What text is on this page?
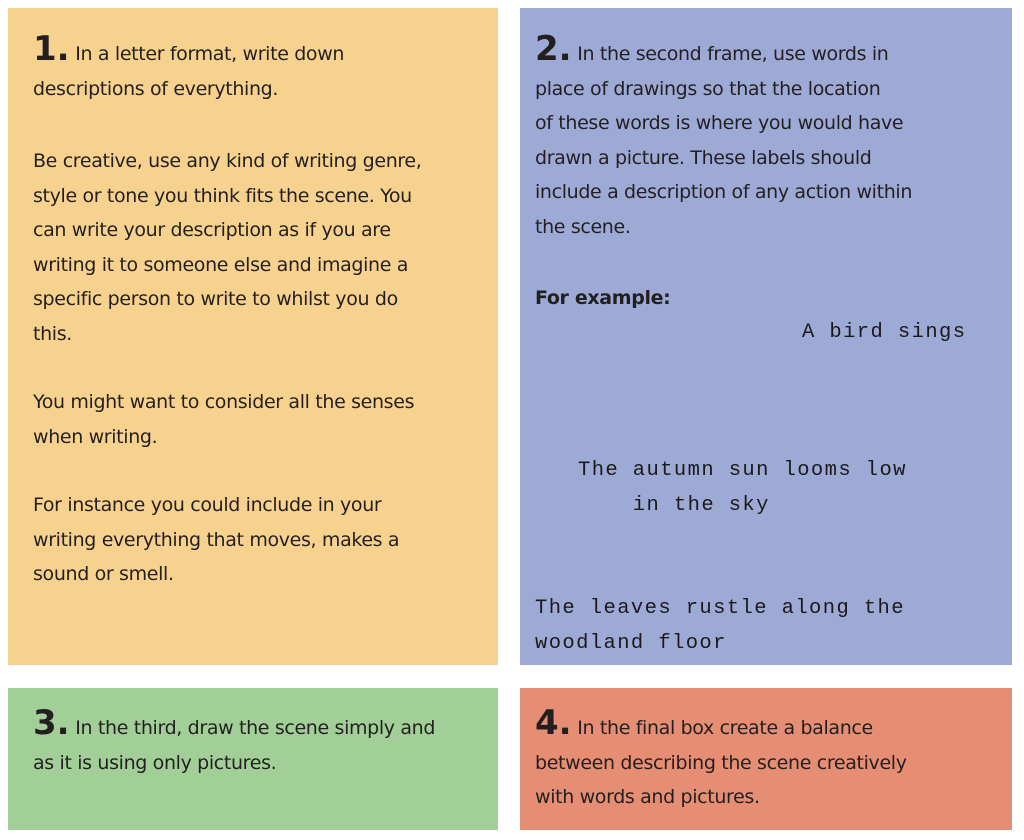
1. In a letter format, write down
descriptions of everything.
Be creative, use any kind of writing genre,
style or tone you think fits the scene. You
can write your description as if you are
writing it to someone else and imagine a
specific person to write to whilst you do
this.
You might want to consider all the senses
when writing.
For instance you could include in your
writing everything that moves, makes a
sound or smell.
2. In the second frame, use words in
place of drawings so that the location
of these words is where you would have
drawn a picture. These labels should
include a description of any action within
the scene.
For example:
A bird sings
The autumn sun looms low
in the sky
The leaves rustle along the
woodland floor
3. In the third, draw the scene simply and
as it is using only pictures.
4. In the final box create a balance
between describing the scene creatively
with words and pictures.
